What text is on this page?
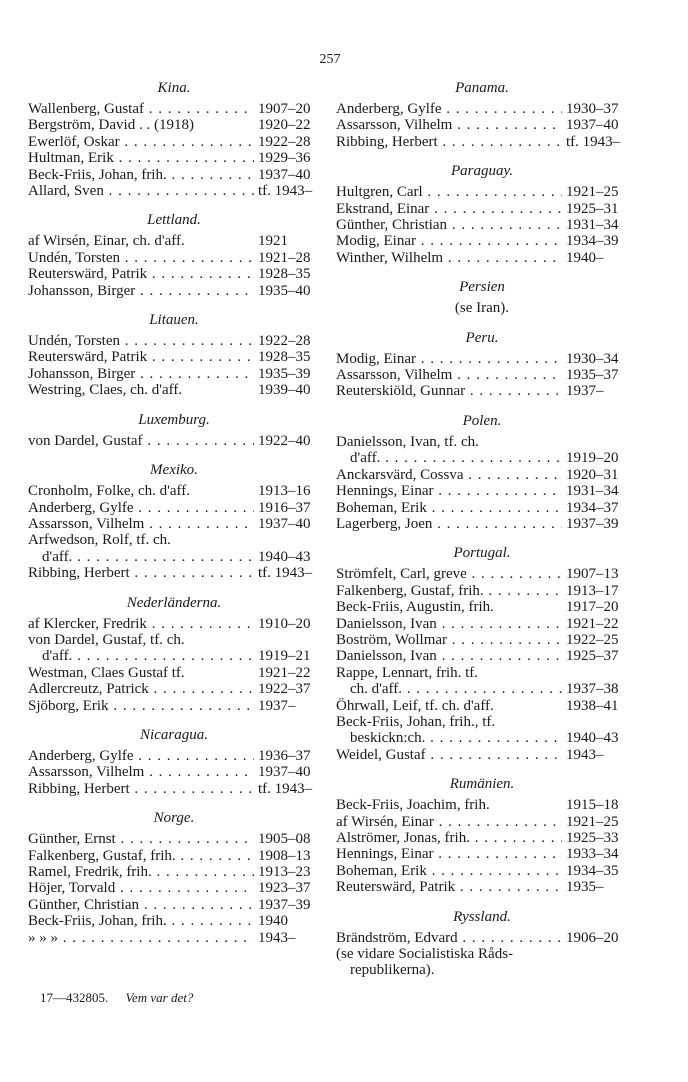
257
Kina.
Wallenberg, Gustaf . . .	1907–20
Bergström, David . . (1918)	1920–22
Ewerlöf, Oskar . . .	1922–28
Hultman, Erik . . .	1929–36
Beck-Friis, Johan, frih. . . .	1937–40
Allard, Sven . . .	tf. 1943–
Lettland.
af Wirsén, Einar, ch. d'aff.	1921
Undén, Torsten . . .	1921–28
Reuterswärd, Patrik . . .	1928–35
Johansson, Birger . . .	1935–40
Litauen.
Undén, Torsten . . .	1922–28
Reuterswärd, Patrik . . .	1928–35
Johansson, Birger . . .	1935–39
Westring, Claes, ch. d'aff.	1939–40
Luxemburg.
von Dardel, Gustaf . . .	1922–40
Mexiko.
Cronholm, Folke, ch. d'aff.	1913–16
Anderberg, Gylfe . . .	1916–37
Assarsson, Vilhelm . . .	1937–40
Arfwedson, Rolf, tf. ch.
d'aff. . . .	1940–43
Ribbing, Herbert . . .	tf. 1943–
Nederländerna.
af Klercker, Fredrik . . .	1910–20
von Dardel, Gustaf, tf. ch.
d'aff. . . .	1919–21
Westman, Claes Gustaf tf.	1921–22
Adlercreutz, Patrick . . .	1922–37
Sjöborg, Erik . . .	1937–
Nicaragua.
Anderberg, Gylfe . . .	1936–37
Assarsson, Vilhelm . . .	1937–40
Ribbing, Herbert . . .	tf. 1943–
Norge.
Günther, Ernst . . .	1905–08
Falkenberg, Gustaf, frih. . . .	1908–13
Ramel, Fredrik, frih. . . .	1913–23
Höjer, Torvald . . .	1923–37
Günther, Christian . . .	1937–39
Beck-Friis, Johan, frih. . . .	1940
» » » . . .	1943–
Panama.
Anderberg, Gylfe . . .	1930–37
Assarsson, Vilhelm . . .	1937–40
Ribbing, Herbert . . .	tf. 1943–
Paraguay.
Hultgren, Carl . . .	1921–25
Ekstrand, Einar . . .	1925–31
Günther, Christian . . .	1931–34
Modig, Einar . . .	1934–39
Winther, Wilhelm . . .	1940–
Persien
(se Iran).
Peru.
Modig, Einar . . .	1930–34
Assarsson, Vilhelm . . .	1935–37
Reuterskiöld, Gunnar . . .	1937–
Polen.
Danielsson, Ivan, tf. ch.
d'aff. . . .	1919–20
Anckarsvärd, Cossva . . .	1920–31
Hennings, Einar . . .	1931–34
Boheman, Erik . . .	1934–37
Lagerberg, Joen . . .	1937–39
Portugal.
Strömfelt, Carl, greve . . .	1907–13
Falkenberg, Gustaf, frih. . . .	1913–17
Beck-Friis, Augustin, frih.	1917–20
Danielsson, Ivan . . .	1921–22
Boström, Wollmar . . .	1922–25
Danielsson, Ivan . . .	1925–37
Rappe, Lennart, frih. tf.
ch. d'aff. . . .	1937–38
Öhrwall, Leif, tf. ch. d'aff.	1938–41
Beck-Friis, Johan, frih., tf.
beskickn:ch. . . .	1940–43
Weidel, Gustaf . . .	1943–
Rumänien.
Beck-Friis, Joachim, frih.	1915–18
af Wirsén, Einar . . .	1921–25
Alströmer, Jonas, frih. . . .	1925–33
Hennings, Einar . . .	1933–34
Boheman, Erik . . .	1934–35
Reuterswärd, Patrik . . .	1935–
Ryssland.
Brändström, Edvard . . .	1906–20
(se vidare Socialistiska Råds-
republikerna).
17—432805. Vem var det?
